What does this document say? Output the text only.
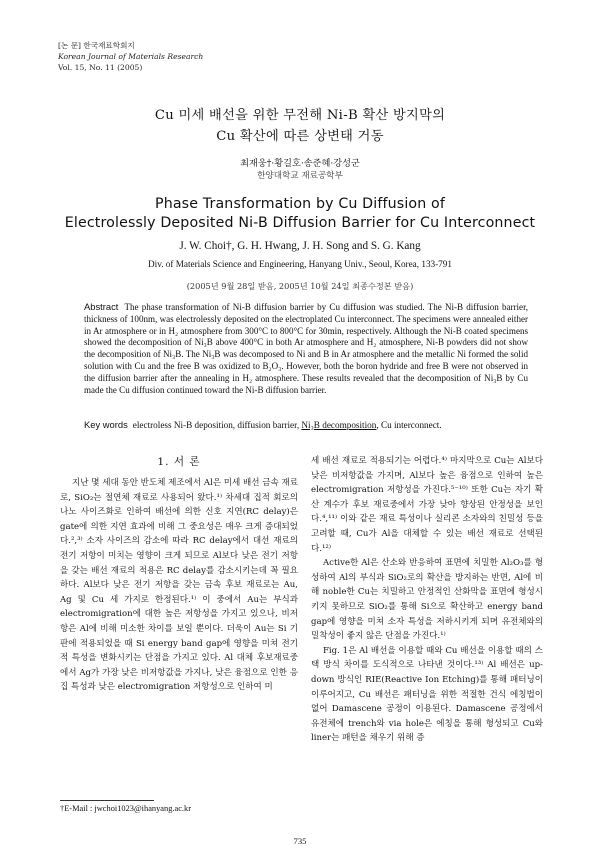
[논 문] 한국재료학회지
Korean Journal of Materials Research
Vol. 15, No. 11 (2005)
Cu 미세 배선을 위한 무전해 Ni-B 확산 방지막의
Cu 확산에 따른 상변태 거동
최재웅†·황길호·송준혜·강성군
한양대학교 재료공학부
Phase Transformation by Cu Diffusion of
Electrolessly Deposited Ni-B Diffusion Barrier for Cu Interconnect
J. W. Choi†, G. H. Hwang, J. H. Song and S. G. Kang
Div. of Materials Science and Engineering, Hanyang Univ., Seoul, Korea, 133-791
(2005년 9월 28일 받음, 2005년 10월 24일 최종수정본 받음)
Abstract The phase transformation of Ni-B diffusion barrier by Cu diffusion was studied. The Ni-B diffusion barrier, thickness of 100nm, was electrolessly deposited on the electroplated Cu interconnect. The specimens were annealed either in Ar atmosphere or in H₂ atmosphere from 300°C to 800°C for 30min, respectively. Although the Ni-B coated specimens showed the decomposition of Ni₃B above 400°C in both Ar atmosphere and H₂ atmosphere, Ni-B powders did not show the decomposition of Ni₃B. The Ni₃B was decomposed to Ni and B in Ar atmosphere and the metallic Ni formed the solid solution with Cu and the free B was oxidized to B₂O₃. However, both the boron hydride and free B were not observed in the diffusion barrier after the annealing in H₂ atmosphere. These results revealed that the decomposition of Ni₃B by Cu made the Cu diffusion continued toward the Ni-B diffusion barrier.
Key words electroless Ni-B deposition, diffusion barrier, Ni₃B decomposition, Cu interconnect.
1. 서 론

지난 몇 세대 동안 반도체 제조에서 Al은 미세 배선 금속 재료로, SiO₂는 절연체 재료로 사용되어 왔다.¹⁾ 차세대 집적 회로의 나노 사이즈화로 인하여 배선에 의한 신호 지연(RC delay)은 gate에 의한 지연 효과에 비해 그 중요성은 매우 크게 증대되었다.²,³⁾ 소자 사이즈의 감소에 따라 RC delay에서 대선 재료의 전기 저항이 미치는 영향이 크게 되므로 Al보다 낮은 전기 저항을 갖는 배선 재료의 적용은 RC delay를 감소시키는데 꼭 필요하다. Al보다 낮은 전기 저항을 갖는 금속 후보 재료로는 Au, Ag 및 Cu 세 가지로 한정된다.¹⁾ 이 중에서 Au는 부식과 electromigration에 대한 높은 저항성을 가지고 있으나, 비저항은 Al에 비해 미소한 차이를 보일 뿐이다. 더욱이 Au는 Si 기판에 적용되었을 때 Si energy band gap에 영향을 미쳐 전기적 특성을 변화시키는 단점을 가지고 있다. Al 대체 후보재료중에서 Ag가 가장 낮은 비저항값을 가지나, 낮은 융점으로 인한 응집 특성과 낮은 electromigration 저항성으로 인하여 미

세 배선 재료로 적용되기는 어렵다.⁴⁾ 마지막으로 Cu는 Al보다 낮은 비저항값을 가지며, Al보다 높은 융점으로 인하여 높은 electromigration 저항성을 가진다.⁵⁻¹⁰⁾ 또한 Cu는 자기 확산 계수가 후보 재료중에서 가장 낮아 향상된 안정성을 보인다.⁴,¹¹⁾ 이와 같은 재료 특성이나 실리콘 소자와의 친밀성 등을 고려할 때, Cu가 Al을 대체할 수 있는 배선 재료로 선택된다.¹²⁾

Active한 Al은 산소와 반응하여 표면에 치밀한 Al₂O₃를 형성하여 Al의 부식과 SiO₂로의 확산을 방지하는 반면, Al에 비해 noble한 Cu는 치밀하고 안정적인 산화막을 표면에 형성시키지 못하므로 SiO₂를 통해 Si으로 확산하고 energy band gap에 영향을 미쳐 소자 특성을 저하시키게 되며 유전체와의 밀착성이 좋지 않은 단점을 가진다.¹⁾

Fig. 1은 Al 배선을 이용할 때와 Cu 배선을 이용할 때의 스택 방식 차이를 도식적으로 나타낸 것이다.¹³⁾ Al 배선은 up-down 방식인 RIE(Reactive Ion Etching)를 통해 패터닝이 이루어지고, Cu 배선은 패터닝을 위한 적절한 건식 에칭법이 없어 Damascene 공정이 이용된다. Damascene 공정에서 유전체에 trench와 via hole은 에칭을 통해 형성되고 Cu와 liner는 패턴을 채우기 위해 증

†E-Mail : jwchoi1023@ihanyang.ac.kr
735
